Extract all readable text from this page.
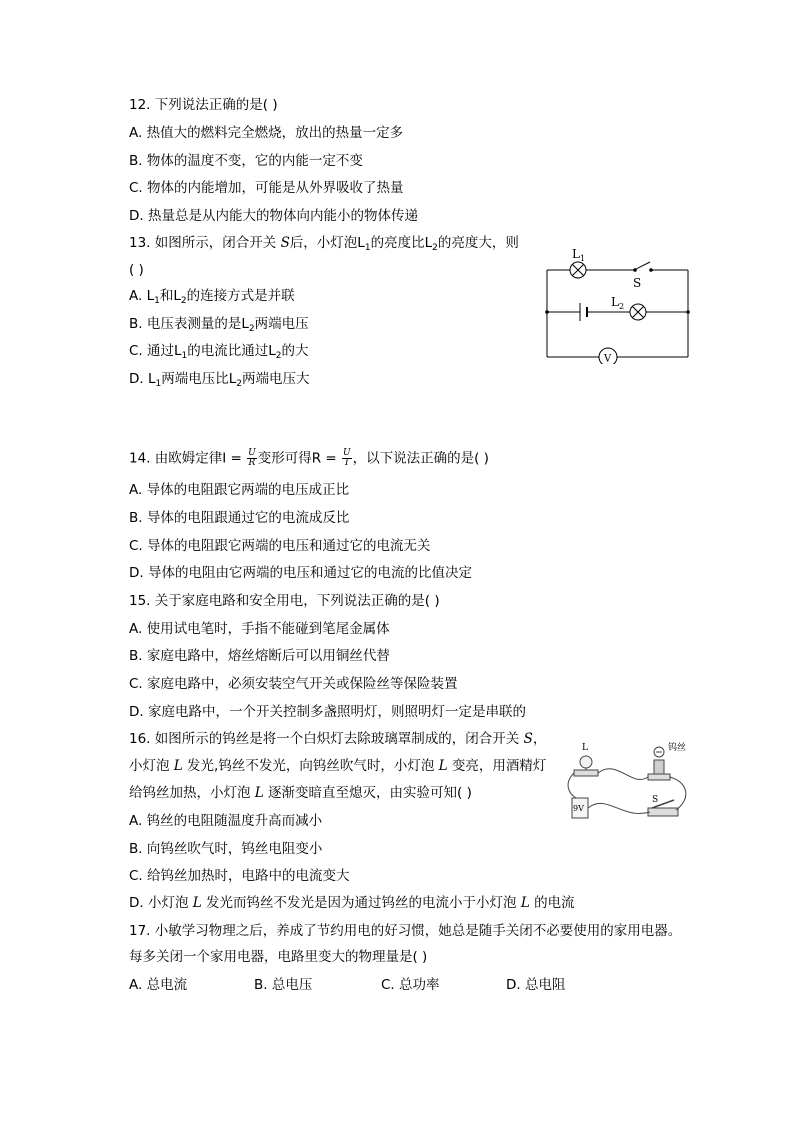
12. 下列说法正确的是( )
A. 热值大的燃料完全燃烧，放出的热量一定多
B. 物体的温度不变，它的内能一定不变
C. 物体的内能增加，可能是从外界吸收了热量
D. 热量总是从内能大的物体向内能小的物体传递
13. 如图所示，闭合开关 S后，小灯泡$L_1$的亮度比$L_2$的亮度大，则
( )
A. $L_1$和$L_2$的连接方式是并联
B. 电压表测量的是$L_2$两端电压
C. 通过$L_1$的电流比通过$L_2$的大
D. $L_1$两端电压比$L_2$两端电压大
$L_1$
S
$L_2$
V
14. 由欧姆定律$I = \frac{U}{R}$ 变形可得$R = \frac{U}{I}$ ，以下说法正确的是( )
A. 导体的电阻跟它两端的电压成正比
B. 导体的电阻跟通过它的电流成反比
C. 导体的电阻跟它两端的电压和通过它的电流无关
D. 导体的电阻由它两端的电压和通过它的电流的比值决定
15. 关于家庭电路和安全用电，下列说法正确的是( )
A. 使用试电笔时，手指不能碰到笔尾金属体
B. 家庭电路中，熔丝熔断后可以用铜丝代替
C. 家庭电路中，必须安装空气开关或保险丝等保险装置
D. 家庭电路中，一个开关控制多盏照明灯，则照明灯一定是串联的
16. 如图所示的钨丝是将一个白炽灯去除玻璃罩制成的，闭合开关 S，
小灯泡 L 发光,钨丝不发光，向钨丝吹气时，小灯泡 L 变亮，用酒精灯
给钨丝加热，小灯泡 L 逐渐变暗直至熄灭，由实验可知( )
A. 钨丝的电阻随温度升高而减小
B. 向钨丝吹气时，钨丝电阻变小
C. 给钨丝加热时，电路中的电流变大
D. 小灯泡 L 发光而钨丝不发光是因为通过钨丝的电流小于小灯泡 L 的电流
L	钨丝
9V
S
17. 小敏学习物理之后，养成了节约用电的好习惯，她总是随手关闭不必要使用的家用电器。
每多关闭一个家用电器，电路里变大的物理量是( )
A. 总电流	B. 总电压	C. 总功率	D. 总电阻
